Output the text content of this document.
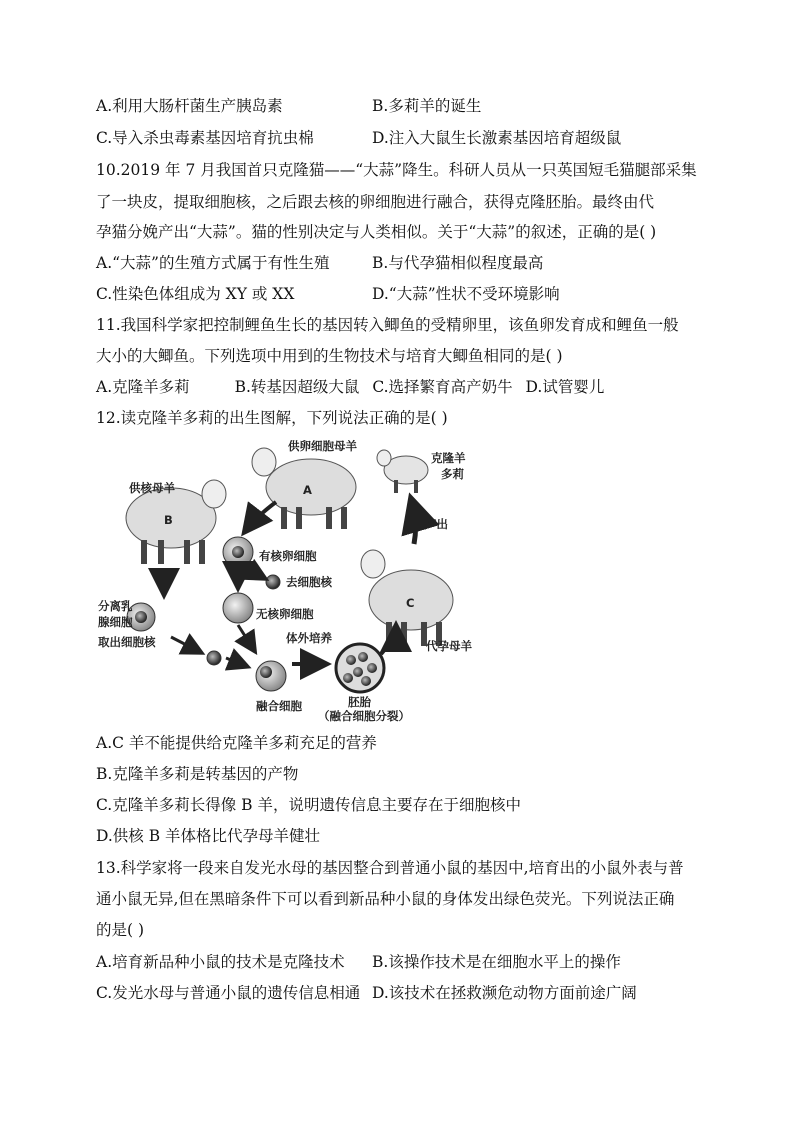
A.利用大肠杆菌生产胰岛素	B.多莉羊的诞生
C.导入杀虫毒素基因培育抗虫棉	D.注入大鼠生长激素基因培育超级鼠
10.2019 年 7 月我国首只克隆猫——“大蒜”降生。科研人员从一只英国短毛猫腿部采集
了一块皮，提取细胞核，之后跟去核的卵细胞进行融合，获得克隆胚胎。最终由代
孕猫分娩产出“大蒜”。猫的性别决定与人类相似。关于“大蒜”的叙述，正确的是( )
A.“大蒜”的生殖方式属于有性生殖	B.与代孕猫相似程度最高
C.性染色体组成为 XY 或 XX	D.“大蒜”性状不受环境影响
11.我国科学家把控制鲤鱼生长的基因转入鲫鱼的受精卵里，该鱼卵发育成和鲤鱼一般
大小的大鲫鱼。下列选项中用到的生物技术与培育大鲫鱼相同的是( )
A.克隆羊多莉	B.转基因超级大鼠 C.选择繁育高产奶牛 D.试管婴儿
12.读克隆羊多莉的出生图解，下列说法正确的是( )
A
供卵细胞母羊
克隆羊
多莉
供核母羊
B
C
代孕母羊
产出
有核卵细胞
去细胞核
无核卵细胞
分离乳
腺细胞
取出细胞核
融合细胞
体外培养
胚胎
（融合细胞分裂）
A.C 羊不能提供给克隆羊多莉充足的营养
B.克隆羊多莉是转基因的产物
C.克隆羊多莉长得像 B 羊，说明遗传信息主要存在于细胞核中
D.供核 B 羊体格比代孕母羊健壮
13.科学家将一段来自发光水母的基因整合到普通小鼠的基因中,培育出的小鼠外表与普
通小鼠无异,但在黑暗条件下可以看到新品种小鼠的身体发出绿色荧光。下列说法正确
的是( )
A.培育新品种小鼠的技术是克隆技术 B.该操作技术是在细胞水平上的操作
C.发光水母与普通小鼠的遗传信息相通 D.该技术在拯救濒危动物方面前途广阔
